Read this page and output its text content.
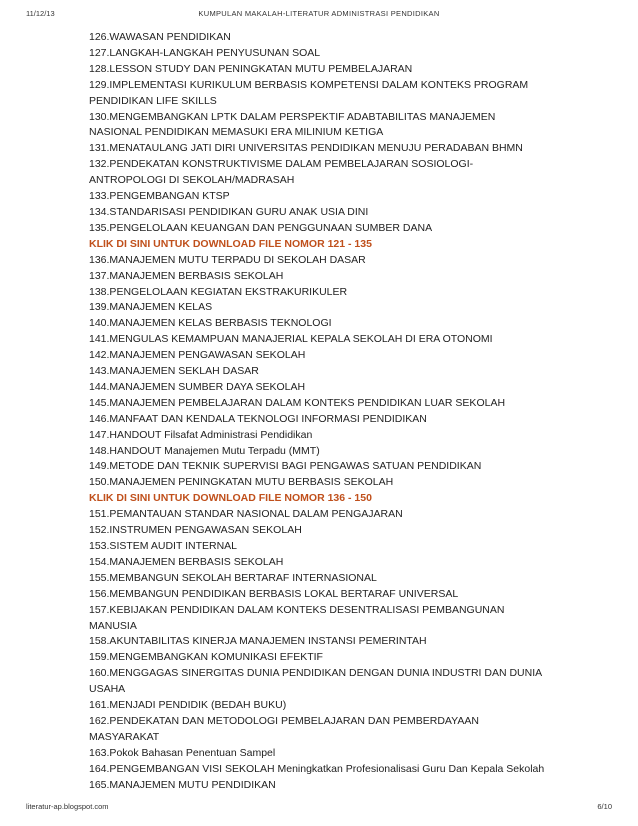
11/12/13	KUMPULAN MAKALAH-LITERATUR ADMINISTRASI PENDIDIKAN
126.WAWASAN PENDIDIKAN
127.LANGKAH-LANGKAH PENYUSUNAN SOAL
128.LESSON STUDY DAN PENINGKATAN MUTU PEMBELAJARAN
129.IMPLEMENTASI KURIKULUM BERBASIS KOMPETENSI DALAM KONTEKS PROGRAM PENDIDIKAN LIFE SKILLS
130.MENGEMBANGKAN LPTK DALAM PERSPEKTIF ADABTABILITAS MANAJEMEN NASIONAL PENDIDIKAN MEMASUKI ERA MILINIUM KETIGA
131.MENATAULANG JATI DIRI UNIVERSITAS PENDIDIKAN MENUJU PERADABAN BHMN
132.PENDEKATAN KONSTRUKTIVISME DALAM PEMBELAJARAN SOSIOLOGI-ANTROPOLOGI DI SEKOLAH/MADRASAH
133.PENGEMBANGAN KTSP
134.STANDARISASI PENDIDIKAN GURU ANAK USIA DINI
135.PENGELOLAAN KEUANGAN DAN PENGGUNAAN SUMBER DANA
KLIK DI SINI UNTUK DOWNLOAD FILE NOMOR 121 - 135
136.MANAJEMEN MUTU TERPADU DI SEKOLAH DASAR
137.MANAJEMEN BERBASIS SEKOLAH
138.PENGELOLAAN KEGIATAN EKSTRAKURIKULER
139.MANAJEMEN KELAS
140.MANAJEMEN KELAS BERBASIS TEKNOLOGI
141.MENGULAS KEMAMPUAN MANAJERIAL KEPALA SEKOLAH DI ERA OTONOMI
142.MANAJEMEN PENGAWASAN SEKOLAH
143.MANAJEMEN SEKLAH DASAR
144.MANAJEMEN SUMBER DAYA SEKOLAH
145.MANAJEMEN PEMBELAJARAN DALAM KONTEKS PENDIDIKAN LUAR SEKOLAH
146.MANFAAT DAN KENDALA TEKNOLOGI INFORMASI PENDIDIKAN
147.HANDOUT Filsafat Administrasi Pendidikan
148.HANDOUT Manajemen Mutu Terpadu (MMT)
149.METODE DAN TEKNIK SUPERVISI BAGI PENGAWAS SATUAN PENDIDIKAN
150.MANAJEMEN PENINGKATAN MUTU BERBASIS SEKOLAH
KLIK DI SINI UNTUK DOWNLOAD FILE NOMOR 136 - 150
151.PEMANTAUAN STANDAR NASIONAL DALAM PENGAJARAN
152.INSTRUMEN PENGAWASAN SEKOLAH
153.SISTEM AUDIT INTERNAL
154.MANAJEMEN BERBASIS SEKOLAH
155.MEMBANGUN SEKOLAH BERTARAF INTERNASIONAL
156.MEMBANGUN PENDIDIKAN BERBASIS LOKAL BERTARAF UNIVERSAL
157.KEBIJAKAN PENDIDIKAN DALAM KONTEKS DESENTRALISASI PEMBANGUNAN MANUSIA
158.AKUNTABILITAS KINERJA MANAJEMEN INSTANSI PEMERINTAH
159.MENGEMBANGKAN KOMUNIKASI EFEKTIF
160.MENGGAGAS SINERGITAS DUNIA PENDIDIKAN DENGAN DUNIA INDUSTRI DAN DUNIA USAHA
161.MENJADI PENDIDIK (BEDAH BUKU)
162.PENDEKATAN DAN METODOLOGI PEMBELAJARAN DAN PEMBERDAYAAN MASYARAKAT
163.Pokok Bahasan Penentuan Sampel
164.PENGEMBANGAN VISI SEKOLAH Meningkatkan Profesionalisasi Guru Dan Kepala Sekolah
165.MANAJEMEN MUTU PENDIDIKAN
literatur-ap.blogspot.com	6/10
